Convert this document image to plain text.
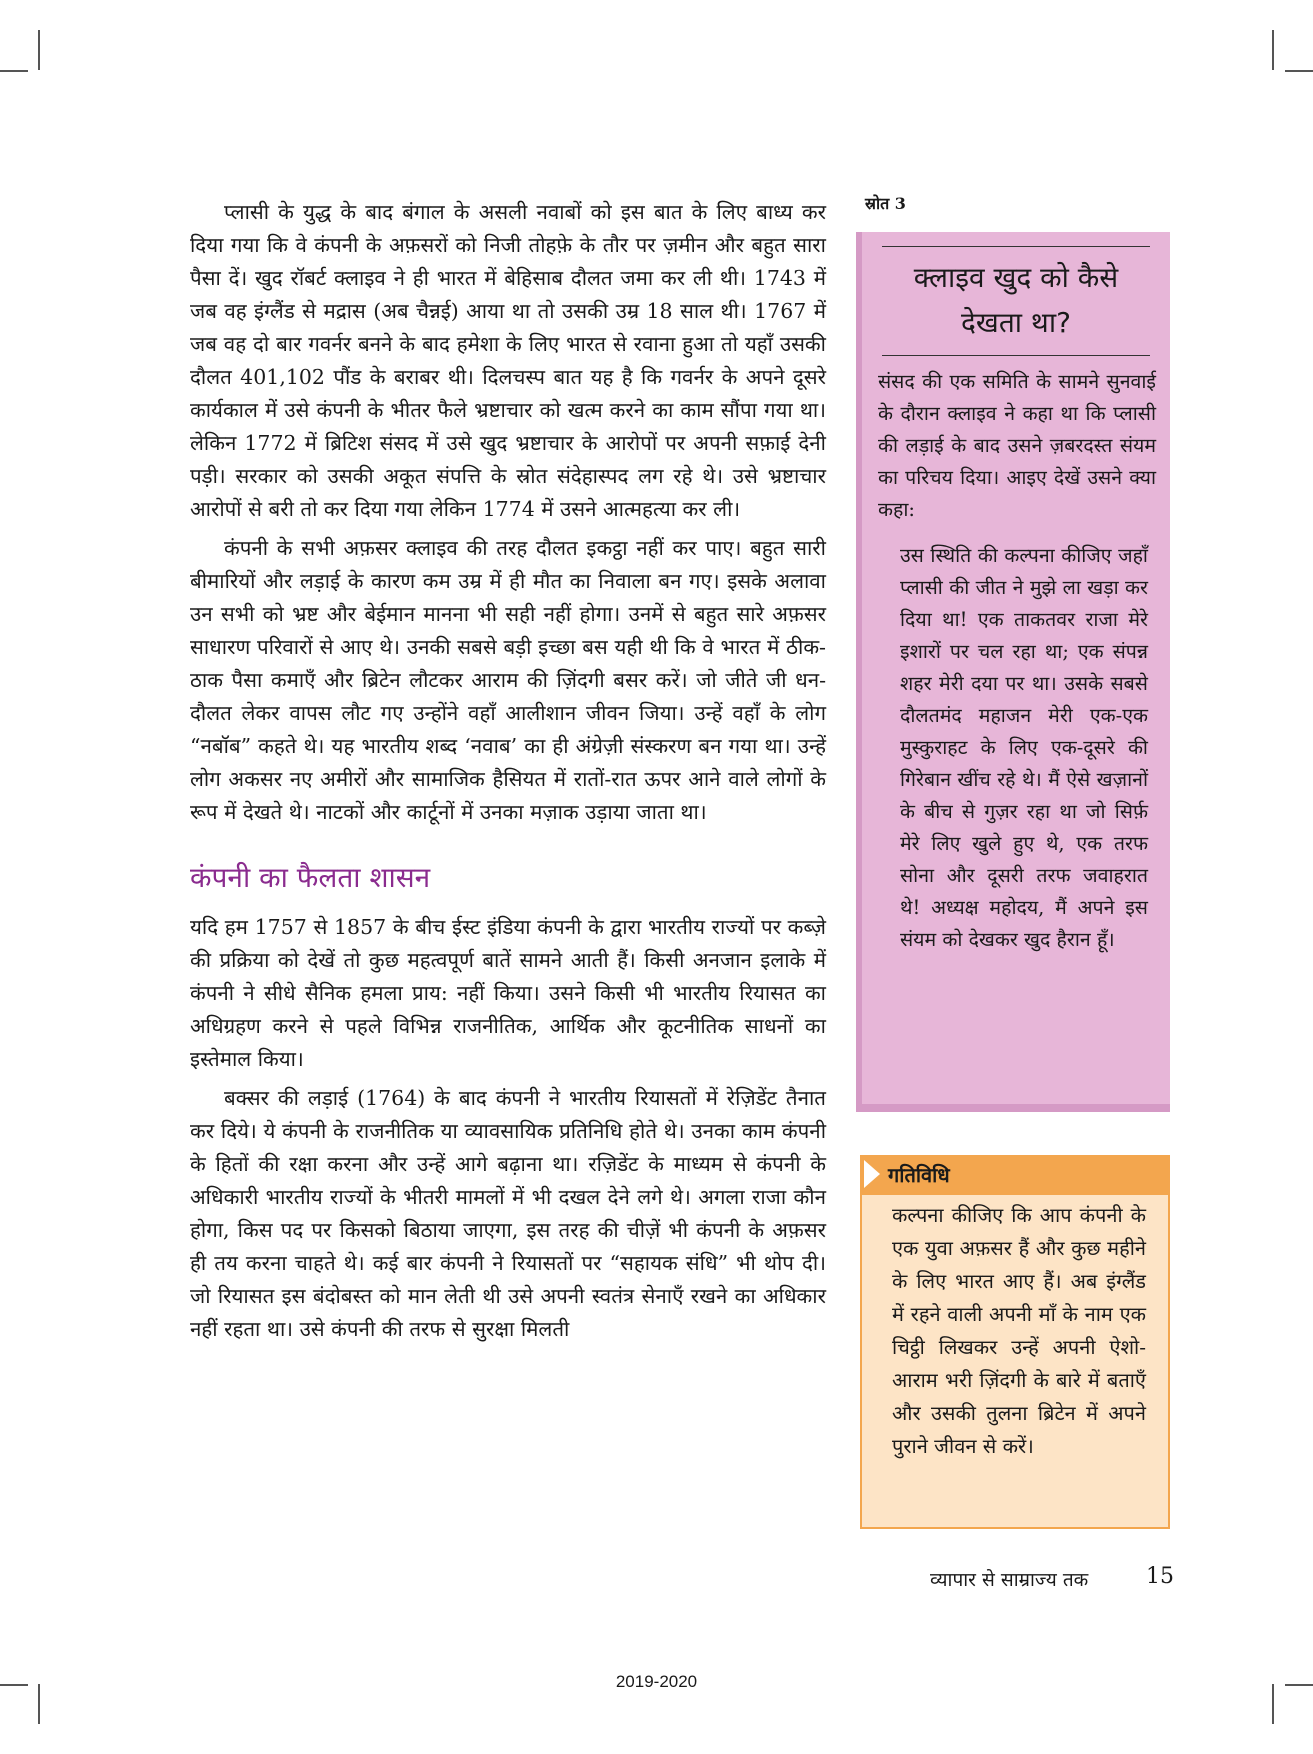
प्लासी के युद्ध के बाद बंगाल के असली नवाबों को इस बात के लिए बाध्य कर दिया गया कि वे कंपनी के अफ़सरों को निजी तोहफ़े के तौर पर ज़मीन और बहुत सारा पैसा दें। खुद रॉबर्ट क्लाइव ने ही भारत में बेहिसाब दौलत जमा कर ली थी। 1743 में जब वह इंग्लैंड से मद्रास (अब चैन्नई) आया था तो उसकी उम्र 18 साल थी। 1767 में जब वह दो बार गवर्नर बनने के बाद हमेशा के लिए भारत से रवाना हुआ तो यहाँ उसकी दौलत 401,102 पौंड के बराबर थी। दिलचस्प बात यह है कि गवर्नर के अपने दूसरे कार्यकाल में उसे कंपनी के भीतर फैले भ्रष्टाचार को खत्म करने का काम सौंपा गया था। लेकिन 1772 में ब्रिटिश संसद में उसे खुद भ्रष्टाचार के आरोपों पर अपनी सफ़ाई देनी पड़ी। सरकार को उसकी अकूत संपत्ति के स्रोत संदेहास्पद लग रहे थे। उसे भ्रष्टाचार आरोपों से बरी तो कर दिया गया लेकिन 1774 में उसने आत्महत्या कर ली।

कंपनी के सभी अफ़सर क्लाइव की तरह दौलत इकट्ठा नहीं कर पाए। बहुत सारी बीमारियों और लड़ाई के कारण कम उम्र में ही मौत का निवाला बन गए। इसके अलावा उन सभी को भ्रष्ट और बेईमान मानना भी सही नहीं होगा। उनमें से बहुत सारे अफ़सर साधारण परिवारों से आए थे। उनकी सबसे बड़ी इच्छा बस यही थी कि वे भारत में ठीक-ठाक पैसा कमाएँ और ब्रिटेन लौटकर आराम की ज़िंदगी बसर करें। जो जीते जी धन-दौलत लेकर वापस लौट गए उन्होंने वहाँ आलीशान जीवन जिया। उन्हें वहाँ के लोग “नबॉब” कहते थे। यह भारतीय शब्द ‘नवाब’ का ही अंग्रेज़ी संस्करण बन गया था। उन्हें लोग अकसर नए अमीरों और सामाजिक हैसियत में रातों-रात ऊपर आने वाले लोगों के रूप में देखते थे। नाटकों और कार्टूनों में उनका मज़ाक उड़ाया जाता था।

कंपनी का फैलता शासन

यदि हम 1757 से 1857 के बीच ईस्ट इंडिया कंपनी के द्वारा भारतीय राज्यों पर कब्ज़े की प्रक्रिया को देखें तो कुछ महत्वपूर्ण बातें सामने आती हैं। किसी अनजान इलाके में कंपनी ने सीधे सैनिक हमला प्राय: नहीं किया। उसने किसी भी भारतीय रियासत का अधिग्रहण करने से पहले विभिन्न राजनीतिक, आर्थिक और कूटनीतिक साधनों का इस्तेमाल किया।

बक्सर की लड़ाई (1764) के बाद कंपनी ने भारतीय रियासतों में रेज़िडेंट तैनात कर दिये। ये कंपनी के राजनीतिक या व्यावसायिक प्रतिनिधि होते थे। उनका काम कंपनी के हितों की रक्षा करना और उन्हें आगे बढ़ाना था। रज़िडेंट के माध्यम से कंपनी के अधिकारी भारतीय राज्यों के भीतरी मामलों में भी दखल देने लगे थे। अगला राजा कौन होगा, किस पद पर किसको बिठाया जाएगा, इस तरह की चीज़ें भी कंपनी के अफ़सर ही तय करना चाहते थे। कई बार कंपनी ने रियासतों पर “सहायक संधि” भी थोप दी। जो रियासत इस बंदोबस्त को मान लेती थी उसे अपनी स्वतंत्र सेनाएँ रखने का अधिकार नहीं रहता था। उसे कंपनी की तरफ से सुरक्षा मिलती

स्रोत 3
क्लाइव खुद को कैसे देखता था?
संसद की एक समिति के सामने सुनवाई के दौरान क्लाइव ने कहा था कि प्लासी की लड़ाई के बाद उसने ज़बरदस्त संयम का परिचय दिया। आइए देखें उसने क्या कहा:
उस स्थिति की कल्पना कीजिए जहाँ प्लासी की जीत ने मुझे ला खड़ा कर दिया था! एक ताकतवर राजा मेरे इशारों पर चल रहा था; एक संपन्न शहर मेरी दया पर था। उसके सबसे दौलतमंद महाजन मेरी एक-एक मुस्कुराहट के लिए एक-दूसरे की गिरेबान खींच रहे थे। मैं ऐसे खज़ानों के बीच से गुज़र रहा था जो सिर्फ़ मेरे लिए खुले हुए थे, एक तरफ सोना और दूसरी तरफ जवाहरात थे! अध्यक्ष महोदय, मैं अपने इस संयम को देखकर खुद हैरान हूँ।
गतिविधि
कल्पना कीजिए कि आप कंपनी के एक युवा अफ़सर हैं और कुछ महीने के लिए भारत आए हैं। अब इंग्लैंड में रहने वाली अपनी माँ के नाम एक चिट्ठी लिखकर उन्हें अपनी ऐशो-आराम भरी ज़िंदगी के बारे में बताएँ और उसकी तुलना ब्रिटेन में अपने पुराने जीवन से करें।
व्यापार से साम्राज्य तक	15
2019-2020
